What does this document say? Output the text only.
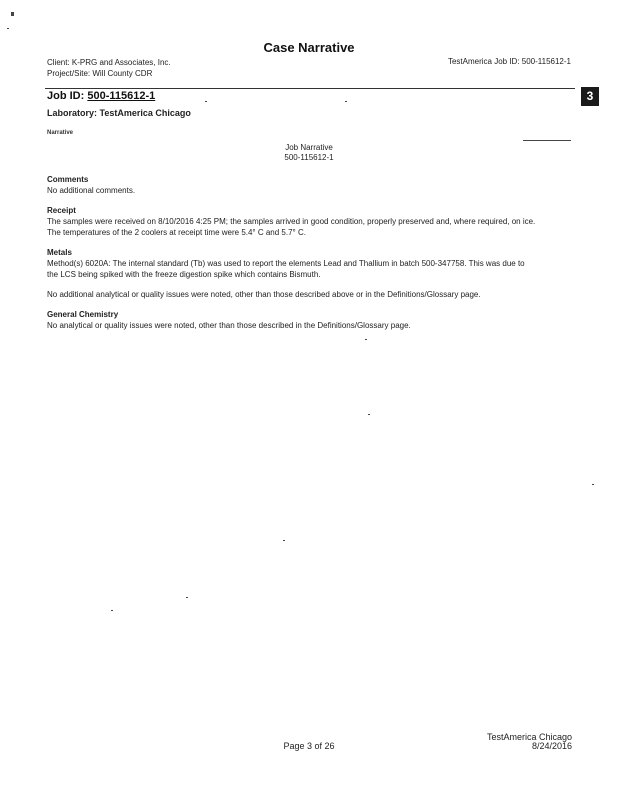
Case Narrative
Client: K-PRG and Associates, Inc.
Project/Site: Will County CDR
TestAmerica Job ID: 500-115612-1
Job ID: 500-115612-1	3
Laboratory: TestAmerica Chicago
Narrative
Job Narrative
500-115612-1
Comments

No additional comments.

Receipt

The samples were received on 8/10/2016 4:25 PM; the samples arrived in good condition, properly preserved and, where required, on ice.

The temperatures of the 2 coolers at receipt time were 5.4° C and 5.7° C.

Metals

Method(s) 6020A: The internal standard (Tb) was used to report the elements Lead and Thallium in batch 500-347758. This was due to

the LCS being spiked with the freeze digestion spike which contains Bismuth.

No additional analytical or quality issues were noted, other than those described above or in the Definitions/Glossary page.

General Chemistry

No analytical or quality issues were noted, other than those described in the Definitions/Glossary page.

Page 3 of 26
TestAmerica Chicago
8/24/2016
